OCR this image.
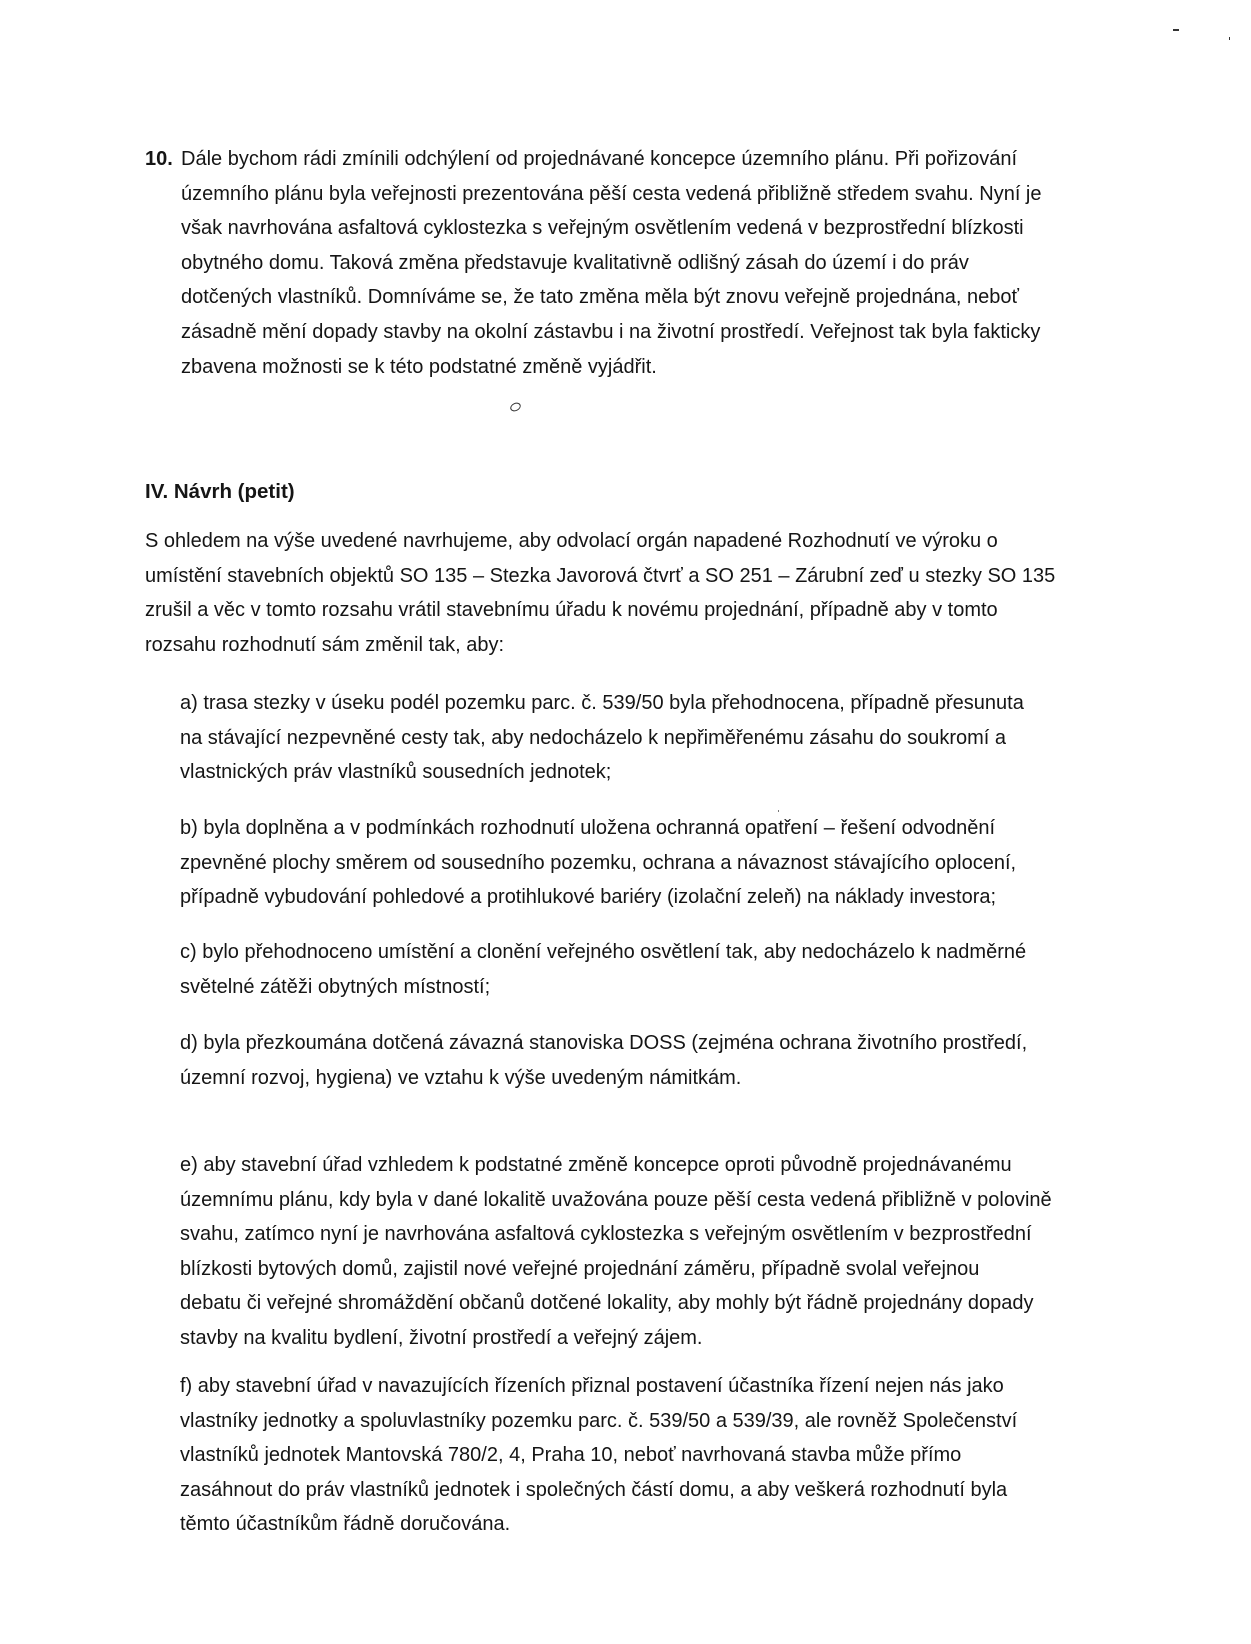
10. Dále bychom rádi zmínili odchýlení od projednávané koncepce územního plánu. Při pořizování
územního plánu byla veřejnosti prezentována pěší cesta vedená přibližně středem svahu. Nyní je
však navrhována asfaltová cyklostezka s veřejným osvětlením vedená v bezprostřední blízkosti
obytného domu. Taková změna představuje kvalitativně odlišný zásah do území i do práv
dotčených vlastníků. Domníváme se, že tato změna měla být znovu veřejně projednána, neboť
zásadně mění dopady stavby na okolní zástavbu i na životní prostředí. Veřejnost tak byla fakticky
zbavena možnosti se k této podstatné změně vyjádřit.
IV. Návrh (petit)
S ohledem na výše uvedené navrhujeme, aby odvolací orgán napadené Rozhodnutí ve výroku o
umístění stavebních objektů SO 135 – Stezka Javorová čtvrť a SO 251 – Zárubní zeď u stezky SO 135
zrušil a věc v tomto rozsahu vrátil stavebnímu úřadu k novému projednání, případně aby v tomto
rozsahu rozhodnutí sám změnil tak, aby:
a) trasa stezky v úseku podél pozemku parc. č. 539/50 byla přehodnocena, případně přesunuta
na stávající nezpevněné cesty tak, aby nedocházelo k nepřiměřenému zásahu do soukromí a
vlastnických práv vlastníků sousedních jednotek;
b) byla doplněna a v podmínkách rozhodnutí uložena ochranná opatření – řešení odvodnění
zpevněné plochy směrem od sousedního pozemku, ochrana a návaznost stávajícího oplocení,
případně vybudování pohledové a protihlukové bariéry (izolační zeleň) na náklady investora;
c) bylo přehodnoceno umístění a clonění veřejného osvětlení tak, aby nedocházelo k nadměrné
světelné zátěži obytných místností;
d) byla přezkoumána dotčená závazná stanoviska DOSS (zejména ochrana životního prostředí,
územní rozvoj, hygiena) ve vztahu k výše uvedeným námitkám.
e) aby stavební úřad vzhledem k podstatné změně koncepce oproti původně projednávanému
územnímu plánu, kdy byla v dané lokalitě uvažována pouze pěší cesta vedená přibližně v polovině
svahu, zatímco nyní je navrhována asfaltová cyklostezka s veřejným osvětlením v bezprostřední
blízkosti bytových domů, zajistil nové veřejné projednání záměru, případně svolal veřejnou
debatu či veřejné shromáždění občanů dotčené lokality, aby mohly být řádně projednány dopady
stavby na kvalitu bydlení, životní prostředí a veřejný zájem.
f) aby stavební úřad v navazujících řízeních přiznal postavení účastníka řízení nejen nás jako
vlastníky jednotky a spoluvlastníky pozemku parc. č. 539/50 a 539/39, ale rovněž Společenství
vlastníků jednotek Mantovská 780/2, 4, Praha 10, neboť navrhovaná stavba může přímo
zasáhnout do práv vlastníků jednotek i společných částí domu, a aby veškerá rozhodnutí byla
těmto účastníkům řádně doručována.
